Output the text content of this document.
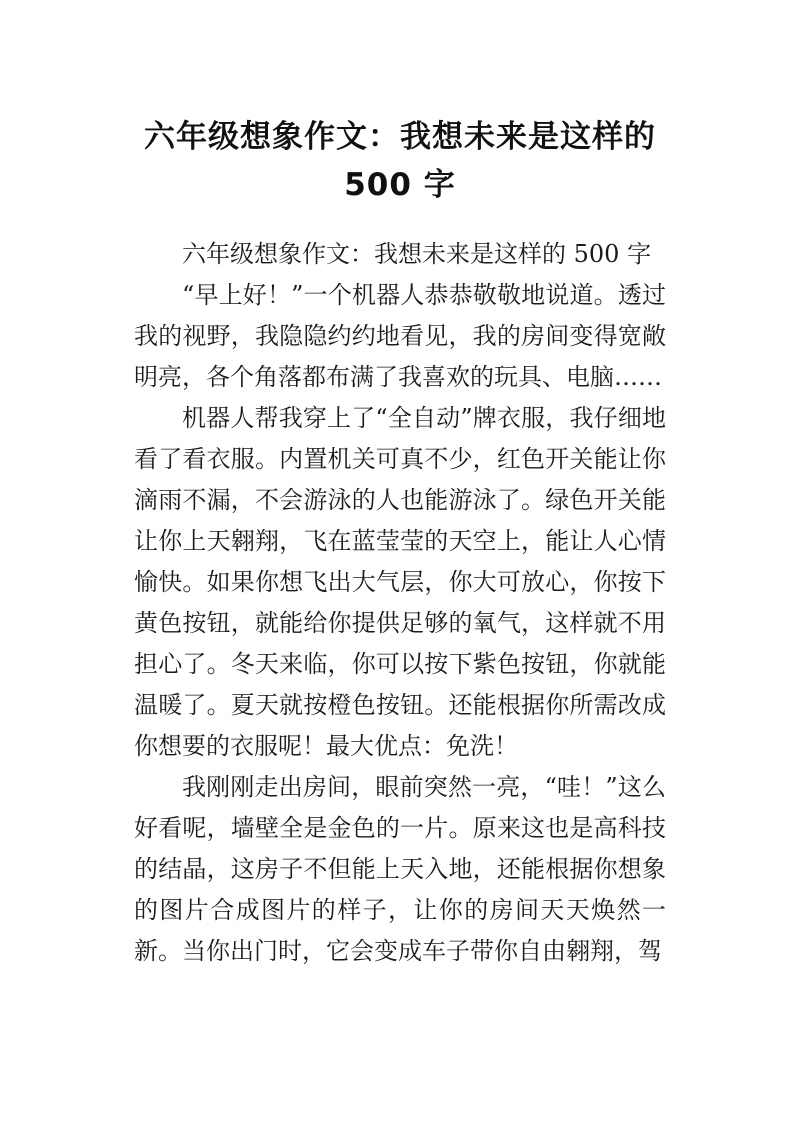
六年级想象作文：我想未来是这样的
500 字

六年级想象作文：我想未来是这样的 500 字

“早上好！”一个机器人恭恭敬敬地说道。透过我的视野，我隐隐约约地看见，我的房间变得宽敞明亮，各个角落都布满了我喜欢的玩具、电脑……

机器人帮我穿上了“全自动”牌衣服，我仔细地看了看衣服。内置机关可真不少，红色开关能让你滴雨不漏，不会游泳的人也能游泳了。绿色开关能让你上天翱翔，飞在蓝莹莹的天空上，能让人心情愉快。如果你想飞出大气层，你大可放心，你按下黄色按钮，就能给你提供足够的氧气，这样就不用担心了。冬天来临，你可以按下紫色按钮，你就能温暖了。夏天就按橙色按钮。还能根据你所需改成你想要的衣服呢！最大优点：免洗！

我刚刚走出房间，眼前突然一亮，“哇！”这么好看呢，墙壁全是金色的一片。原来这也是高科技的结晶，这房子不但能上天入地，还能根据你想象的图片合成图片的样子，让你的房间天天焕然一新。当你出门时，它会变成车子带你自由翱翔，驾
